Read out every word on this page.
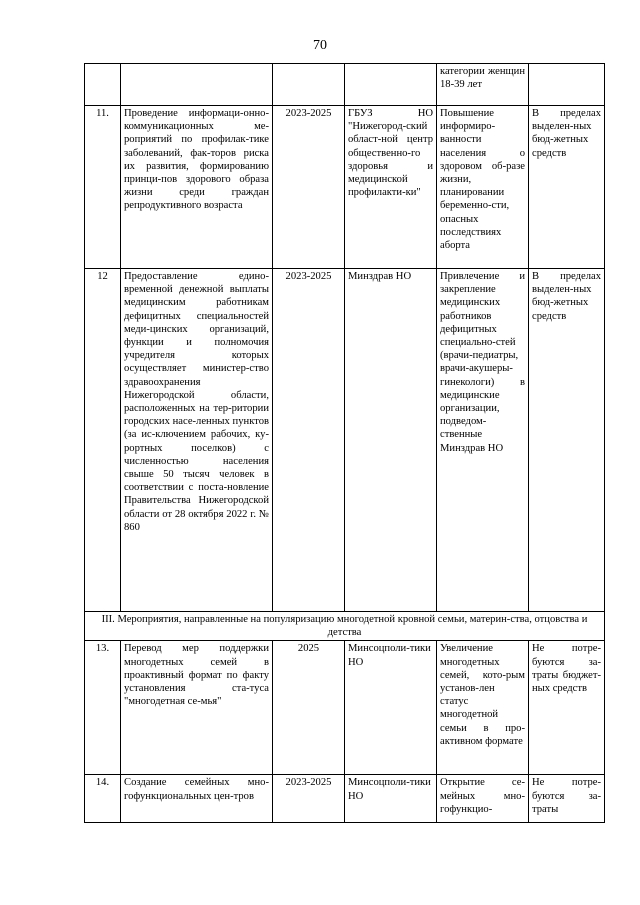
70
				категории женщин 18-39 лет	
11.	Проведение информаци-онно-коммуникационных ме-роприятий по профилак-тике заболеваний, фак-торов риска их развития, формированию принци-пов здорового образа жизни среди граждан репродуктивного возраста	2023-2025	ГБУЗ НО "Нижегород-ский област-ной центр общественно-го здоровья и медицинской профилакти-ки"	Повышение информиро-ванности населения о здоровом об-разе жизни, планировании беременно-сти, опасных последствиях аборта	В пределах выделен-ных бюд-жетных средств
12	Предоставление едино-временной денежной выплаты медицинским работникам дефицитных специальностей меди-цинских организаций, функции и полномочия учредителя которых осуществляет министер-ство здравоохранения Нижегородской области, расположенных на тер-ритории городских насе-ленных пунктов (за ис-ключением рабочих, ку-рортных поселков) с численностью населения свыше 50 тысяч человек в соответствии с поста-новление Правительства Нижегородской области от 28 октября 2022 г. № 860	2023-2025	Минздрав НО	Привлечение и закрепление медицинских работников дефицитных специально-стей (врачи-педиатры, врачи-акушеры-гинекологи) в медицинские организации, подведом-ственные Минздрав НО	В пределах выделен-ных бюд-жетных средств
III. Мероприятия, направленные на популяризацию многодетной кровной семьи, материн-ства, отцовства и детства					
13.	Перевод мер поддержки многодетных семей в проактивный формат по факту установления ста-туса "многодетная се-мья"	2025	Минсоцполи-тики НО	Увеличение многодетных семей, кото-рым установ-лен статус многодетной семьи в про-активном формате	Не потре-буются за-траты бюджет-ных средств
14.	Создание семейных мно-гофункциональных цен-тров	2023-2025	Минсоцполи-тики НО	Открытие се-мейных мно-гофункцио-	Не потре-буются за-траты
